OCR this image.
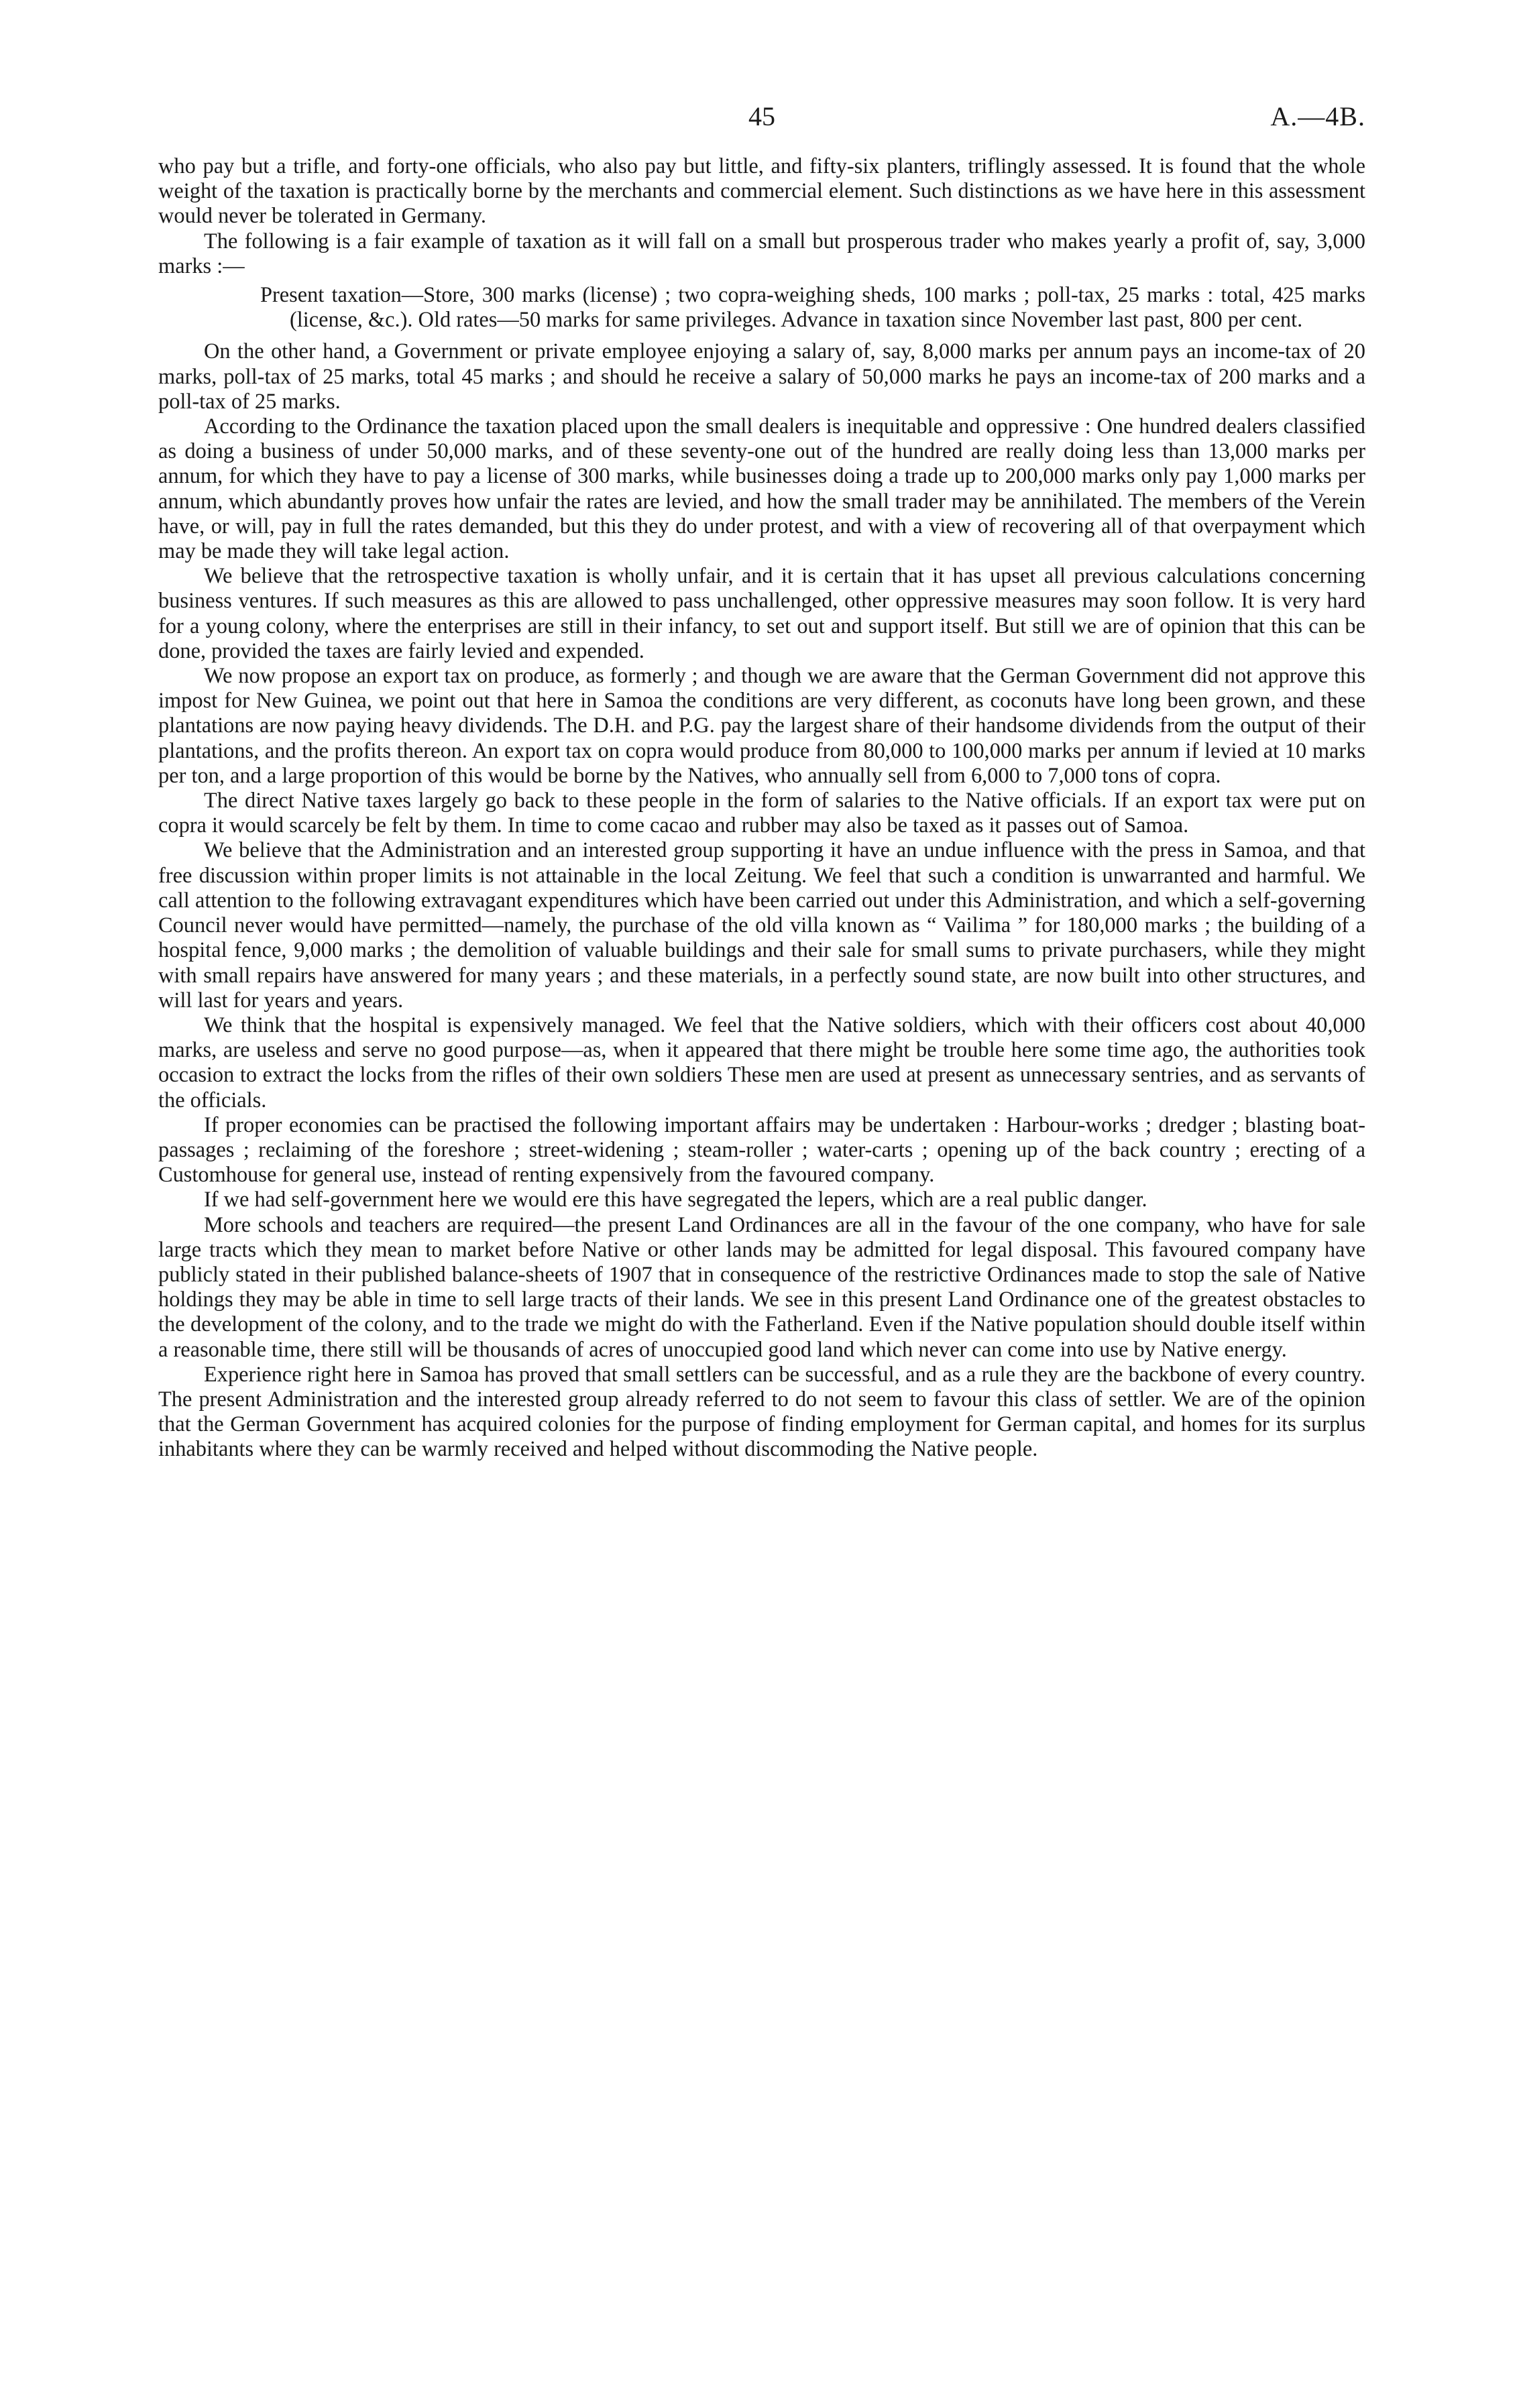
45	A.—4B.

who pay but a trifle, and forty-one officials, who also pay but little, and fifty-six planters, triflingly assessed. It is found that the whole weight of the taxation is practically borne by the merchants and commercial element. Such distinctions as we have here in this assessment would never be tolerated in Germany.

The following is a fair example of taxation as it will fall on a small but prosperous trader who makes yearly a profit of, say, 3,000 marks :—

Present taxation—Store, 300 marks (license) ; two copra-weighing sheds, 100 marks ; poll-tax, 25 marks : total, 425 marks (license, &c.). Old rates—50 marks for same privileges. Advance in taxation since November last past, 800 per cent.

On the other hand, a Government or private employee enjoying a salary of, say, 8,000 marks per annum pays an income-tax of 20 marks, poll-tax of 25 marks, total 45 marks ; and should he receive a salary of 50,000 marks he pays an income-tax of 200 marks and a poll-tax of 25 marks.

According to the Ordinance the taxation placed upon the small dealers is inequitable and oppressive : One hundred dealers classified as doing a business of under 50,000 marks, and of these seventy-one out of the hundred are really doing less than 13,000 marks per annum, for which they have to pay a license of 300 marks, while businesses doing a trade up to 200,000 marks only pay 1,000 marks per annum, which abundantly proves how unfair the rates are levied, and how the small trader may be annihilated. The members of the Verein have, or will, pay in full the rates demanded, but this they do under protest, and with a view of recovering all of that overpayment which may be made they will take legal action.

We believe that the retrospective taxation is wholly unfair, and it is certain that it has upset all previous calculations concerning business ventures. If such measures as this are allowed to pass unchallenged, other oppressive measures may soon follow. It is very hard for a young colony, where the enterprises are still in their infancy, to set out and support itself. But still we are of opinion that this can be done, provided the taxes are fairly levied and expended.

We now propose an export tax on produce, as formerly ; and though we are aware that the German Government did not approve this impost for New Guinea, we point out that here in Samoa the conditions are very different, as coconuts have long been grown, and these plantations are now paying heavy dividends. The D.H. and P.G. pay the largest share of their handsome dividends from the output of their plantations, and the profits thereon. An export tax on copra would produce from 80,000 to 100,000 marks per annum if levied at 10 marks per ton, and a large proportion of this would be borne by the Natives, who annually sell from 6,000 to 7,000 tons of copra.

The direct Native taxes largely go back to these people in the form of salaries to the Native officials. If an export tax were put on copra it would scarcely be felt by them. In time to come cacao and rubber may also be taxed as it passes out of Samoa.

We believe that the Administration and an interested group supporting it have an undue influence with the press in Samoa, and that free discussion within proper limits is not attainable in the local Zeitung. We feel that such a condition is unwarranted and harmful. We call attention to the following extravagant expenditures which have been carried out under this Administration, and which a self-governing Council never would have permitted—namely, the purchase of the old villa known as “ Vailima ” for 180,000 marks ; the building of a hospital fence, 9,000 marks ; the demolition of valuable buildings and their sale for small sums to private purchasers, while they might with small repairs have answered for many years ; and these materials, in a perfectly sound state, are now built into other structures, and will last for years and years.

We think that the hospital is expensively managed. We feel that the Native soldiers, which with their officers cost about 40,000 marks, are useless and serve no good purpose—as, when it appeared that there might be trouble here some time ago, the authorities took occasion to extract the locks from the rifles of their own soldiers These men are used at present as unnecessary sentries, and as servants of the officials.

If proper economies can be practised the following important affairs may be undertaken : Harbour-works ; dredger ; blasting boat-passages ; reclaiming of the foreshore ; street-widening ; steam-roller ; water-carts ; opening up of the back country ; erecting of a Customhouse for general use, instead of renting expensively from the favoured company.

If we had self-government here we would ere this have segregated the lepers, which are a real public danger.

More schools and teachers are required—the present Land Ordinances are all in the favour of the one company, who have for sale large tracts which they mean to market before Native or other lands may be admitted for legal disposal. This favoured company have publicly stated in their published balance-sheets of 1907 that in consequence of the restrictive Ordinances made to stop the sale of Native holdings they may be able in time to sell large tracts of their lands. We see in this present Land Ordinance one of the greatest obstacles to the development of the colony, and to the trade we might do with the Fatherland. Even if the Native population should double itself within a reasonable time, there still will be thousands of acres of unoccupied good land which never can come into use by Native energy.

Experience right here in Samoa has proved that small settlers can be successful, and as a rule they are the backbone of every country. The present Administration and the interested group already referred to do not seem to favour this class of settler. We are of the opinion that the German Government has acquired colonies for the purpose of finding employment for German capital, and homes for its surplus inhabitants where they can be warmly received and helped without discommoding the Native people.
